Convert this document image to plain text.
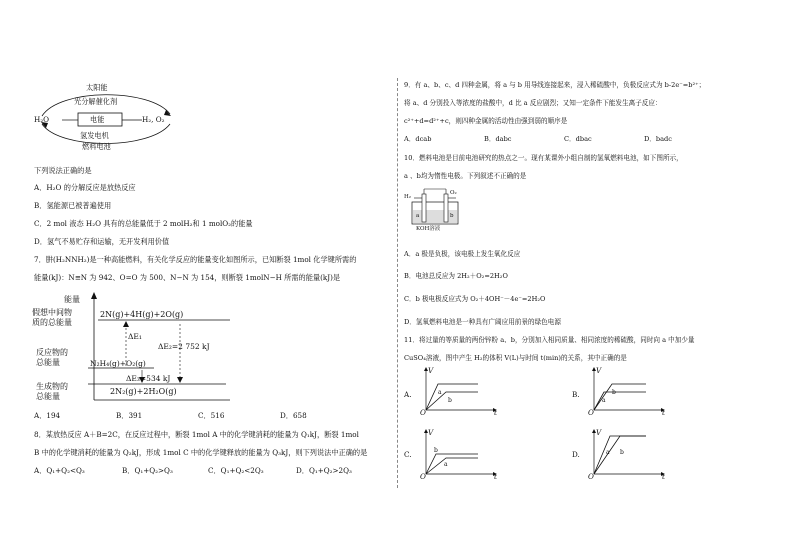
太阳能
光分解催化剂
H₂O	电能	H₂, O₂
氢发电机
燃料电池
下列说法正确的是
A．H₂O 的分解反应是放热反应
B．氢能源已被普遍使用
C．2 mol 液态 H₂O 具有的总能量低于 2 molH₂和 1 molO₂的能量
D．氢气不易贮存和运输，无开发利用价值
7．肼(H₂NNH₂)是一种高能燃料，有关化学反应的能量变化如图所示，已知断裂 1mol 化学键所需的
能量(kJ)：N≡N 为 942、O=O 为 500、N−N 为 154，则断裂 1molN−H 所需的能量(kJ)是
能量
假想中间物
质的总能量
反应物的
总能量
生成物的
总能量
2N(g)+4H(g)+2O(g)
N₂H₄(g)+O₂(g)
2N₂(g)+2H₂O(g)
ΔE₁
ΔE₂=2 752 kJ
ΔE₃=534 kJ
A．194	B．391	C．516	D．658
8．某放热反应 A＋B=2C，在反应过程中，断裂 1mol A 中的化学键消耗的能量为 Q₁kJ，断裂 1mol
B 中的化学键消耗的能量为 Q₂kJ，形成 1mol C 中的化学键释放的能量为 Q₃kJ，则下列说法中正确的是
A．Q₁+Q₂<Q₃	B．Q₁+Q₂>Q₃	C．Q₁+Q₂<2Q₃	D．Q₁+Q₂>2Q₃
9．有 a、b、c、d 四种金属，将 a 与 b 用导线连接起来，浸入稀硫酸中，负极反应式为 b-2e⁻=b²⁺；
将 a、d 分别投入等浓度的盐酸中，d 比 a 反应剧烈；又知一定条件下能发生离子反应：
c²⁺+d=d²⁺+c，则四种金属的活动性由强到弱的顺序是
A．dcab	B．dabc	C．dbac	D．badc
10．燃料电池是目前电池研究的热点之一。现有某课外小组自制的氢氧燃料电池，如下图所示，
a 、b均为惰性电极。下列叙述不正确的是
H₂
O₂
a	b
KOH溶液
A．a 极是负极，该电极上发生氧化反应
B．电池总反应为 2H₂＋O₂=2H₂O
C．b 极电极反应式为 O₂＋4OH⁻－4e⁻=2H₂O
D．氢氧燃料电池是一种具有广阔应用前景的绿色电源
11．将过量的等质量的两份锌粉 a、b，分别加入相同质量、相同浓度的稀硫酸，同时向 a 中加少量
CuSO₄溶液，图中产生 H₂的体积 V(L)与时间 t(min)的关系，其中正确的是
A.
V
O	t
a
b
B.
V
O	t
a
b
C.
V
O	t
b
a
D.
V
O	t
a b
